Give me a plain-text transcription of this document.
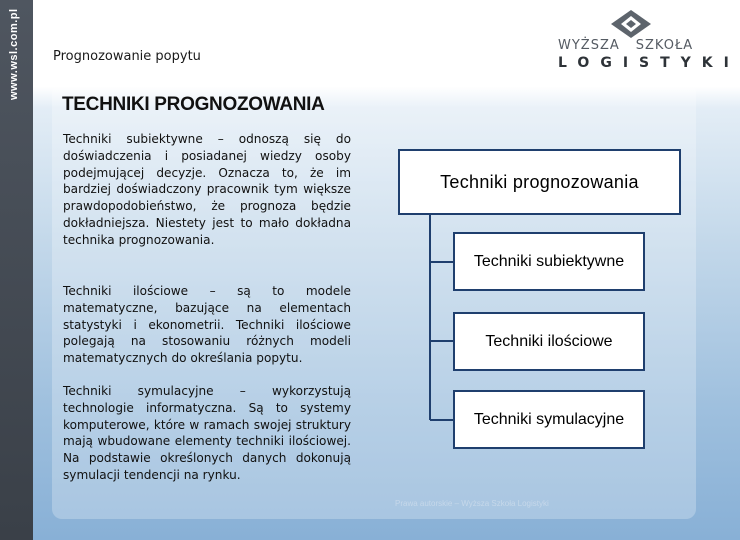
www.wsl.com.pl	Prognozowanie popytu
WYŻSZA SZKOŁA
LOGISTYKI
TECHNIKI PROGNOZOWANIA
Techniki subiektywne – odnoszą się do doświadczenia i posiadanej wiedzy osoby podejmującej decyzje. Oznacza to, że im bardziej doświadczony pracownik tym większe prawdopodobieństwo, że prognoza będzie dokładniejsza. Niestety jest to mało dokładna technika prognozowania.
Techniki ilościowe – są to modele matematyczne, bazujące na elementach statystyki i ekonometrii. Techniki ilościowe polegają na stosowaniu różnych modeli matematycznych do określania popytu.
Techniki symulacyjne – wykorzystują technologie informatyczna. Są to systemy komputerowe, które w ramach swojej struktury mają wbudowane elementy techniki ilościowej. Na podstawie określonych danych dokonują symulacji tendencji na rynku.
Techniki prognozowania
Techniki subiektywne
Techniki ilościowe
Techniki symulacyjne
Prawa autorskie – Wyższa Szkoła Logistyki
